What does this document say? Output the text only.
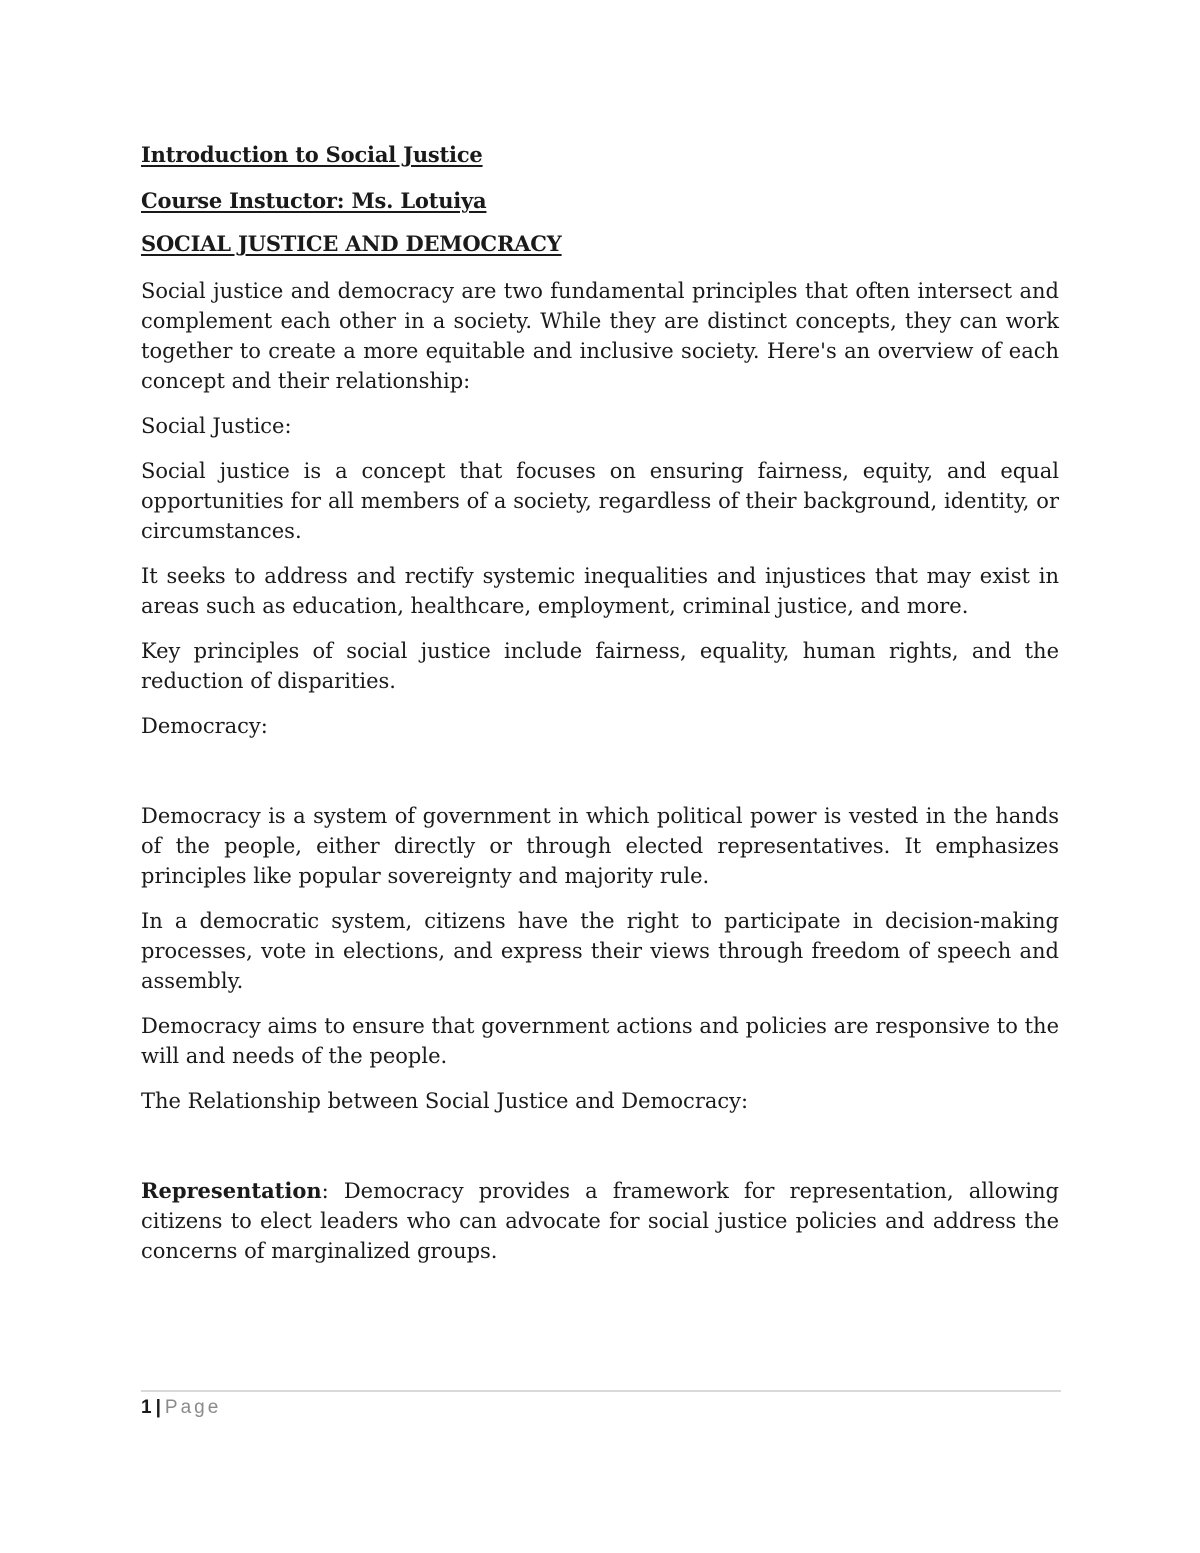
Introduction to Social Justice

Course Instuctor: Ms. Lotuiya

SOCIAL JUSTICE AND DEMOCRACY

Social justice and democracy are two fundamental principles that often intersect and complement each other in a society. While they are distinct concepts, they can work together to create a more equitable and inclusive society. Here's an overview of each concept and their relationship:

Social Justice:

Social justice is a concept that focuses on ensuring fairness, equity, and equal opportunities for all members of a society, regardless of their background, identity, or circumstances.

It seeks to address and rectify systemic inequalities and injustices that may exist in areas such as education, healthcare, employment, criminal justice, and more.

Key principles of social justice include fairness, equality, human rights, and the reduction of disparities.

Democracy:

Democracy is a system of government in which political power is vested in the hands of the people, either directly or through elected representatives. It emphasizes principles like popular sovereignty and majority rule.

In a democratic system, citizens have the right to participate in decision-making processes, vote in elections, and express their views through freedom of speech and assembly.

Democracy aims to ensure that government actions and policies are responsive to the will and needs of the people.

The Relationship between Social Justice and Democracy:

Representation: Democracy provides a framework for representation, allowing citizens to elect leaders who can advocate for social justice policies and address the concerns of marginalized groups.

1 | Page
